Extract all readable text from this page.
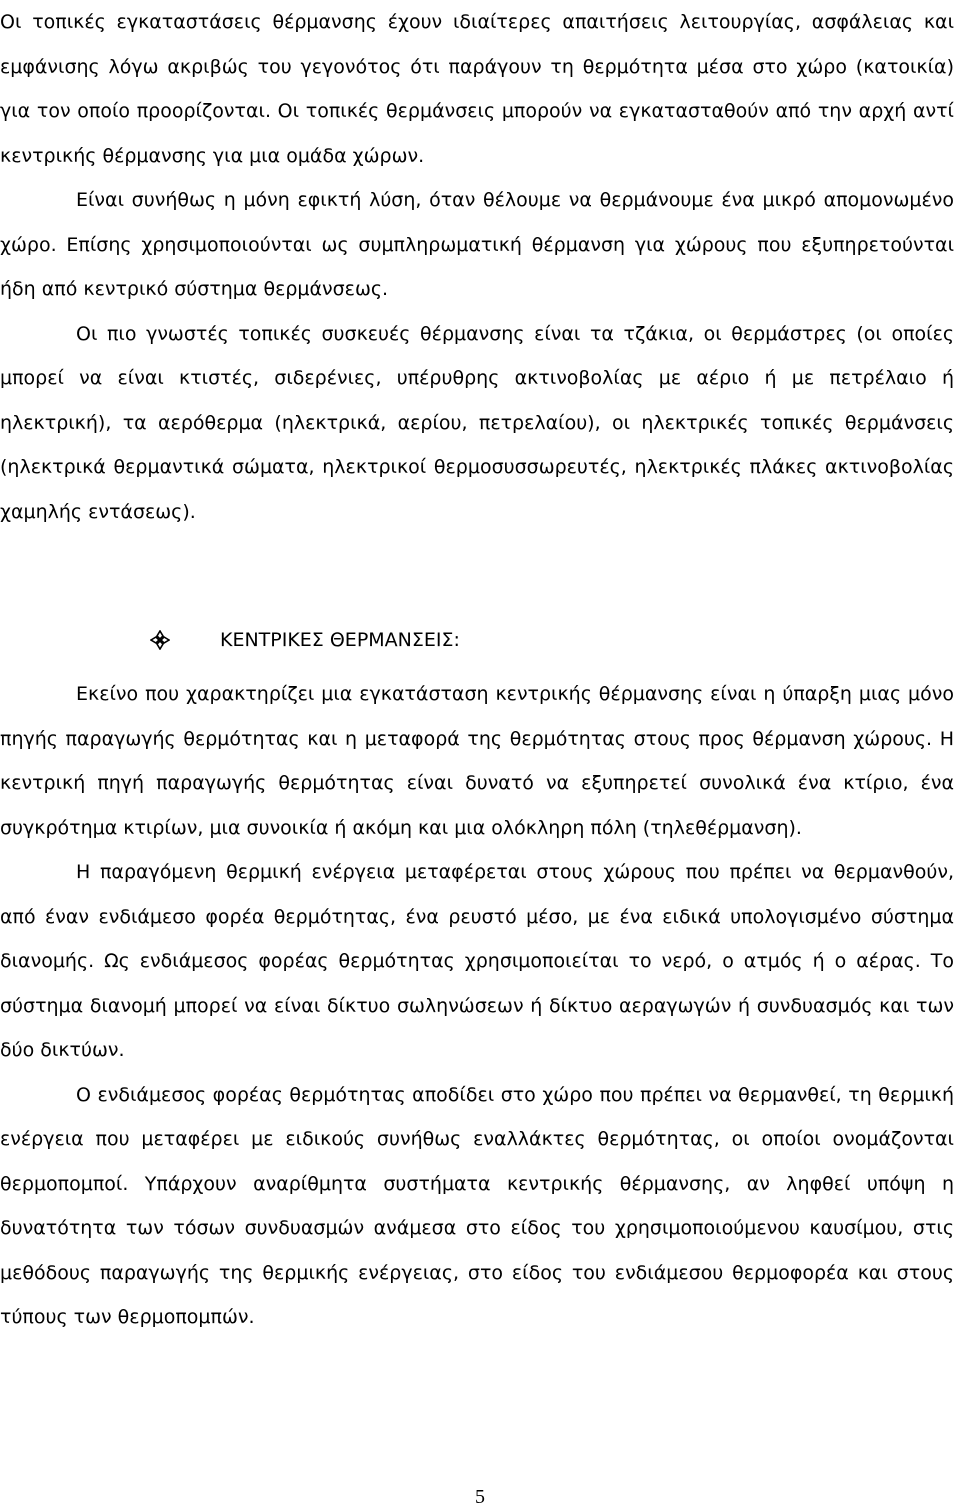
Οι τοπικές εγκαταστάσεις θέρμανσης έχουν ιδιαίτερες απαιτήσεις λειτουργίας, ασφάλειας και εμφάνισης λόγω ακριβώς του γεγονότος ότι παράγουν τη θερμότητα μέσα στο χώρο (κατοικία) για τον οποίο προορίζονται. Οι τοπικές θερμάνσεις μπορούν να εγκατασταθούν από την αρχή αντί κεντρικής θέρμανσης για μια ομάδα χώρων.

Είναι συνήθως η μόνη εφικτή λύση, όταν θέλουμε να θερμάνουμε ένα μικρό απομονωμένο χώρο. Επίσης χρησιμοποιούνται ως συμπληρωματική θέρμανση για χώρους που εξυπηρετούνται ήδη από κεντρικό σύστημα θερμάνσεως.

Οι πιο γνωστές τοπικές συσκευές θέρμανσης είναι τα τζάκια, οι θερμάστρες (οι οποίες μπορεί να είναι κτιστές, σιδερένιες, υπέρυθρης ακτινοβολίας με αέριο ή με πετρέλαιο ή ηλεκτρική), τα αερόθερμα (ηλεκτρικά, αερίου, πετρελαίου), οι ηλεκτρικές τοπικές θερμάνσεις (ηλεκτρικά θερμαντικά σώματα, ηλεκτρικοί θερμοσυσσωρευτές, ηλεκτρικές πλάκες ακτινοβολίας χαμηλής εντάσεως).

ΚΕΝΤΡΙΚΕΣ ΘΕΡΜΑΝΣΕΙΣ:

Εκείνο που χαρακτηρίζει μια εγκατάσταση κεντρικής θέρμανσης είναι η ύπαρξη μιας μόνο πηγής παραγωγής θερμότητας και η μεταφορά της θερμότητας στους προς θέρμανση χώρους. Η κεντρική πηγή παραγωγής θερμότητας είναι δυνατό να εξυπηρετεί συνολικά ένα κτίριο, ένα συγκρότημα κτιρίων, μια συνοικία ή ακόμη και μια ολόκληρη πόλη (τηλεθέρμανση).

Η παραγόμενη θερμική ενέργεια μεταφέρεται στους χώρους που πρέπει να θερμανθούν, από έναν ενδιάμεσο φορέα θερμότητας, ένα ρευστό μέσο, με ένα ειδικά υπολογισμένο σύστημα διανομής. Ως ενδιάμεσος φορέας θερμότητας χρησιμοποιείται το νερό, ο ατμός ή ο αέρας. Το σύστημα διανομή μπορεί να είναι δίκτυο σωληνώσεων ή δίκτυο αεραγωγών ή συνδυασμός και των δύο δικτύων.

Ο ενδιάμεσος φορέας θερμότητας αποδίδει στο χώρο που πρέπει να θερμανθεί, τη θερμική ενέργεια που μεταφέρει με ειδικούς συνήθως εναλλάκτες θερμότητας, οι οποίοι ονομάζονται θερμοπομποί. Υπάρχουν αναρίθμητα συστήματα κεντρικής θέρμανσης, αν ληφθεί υπόψη η δυνατότητα των τόσων συνδυασμών ανάμεσα στο είδος του χρησιμοποιούμενου καυσίμου, στις μεθόδους παραγωγής της θερμικής ενέργειας, στο είδος του ενδιάμεσου θερμοφορέα και στους τύπους των θερμοπομπών.

5
